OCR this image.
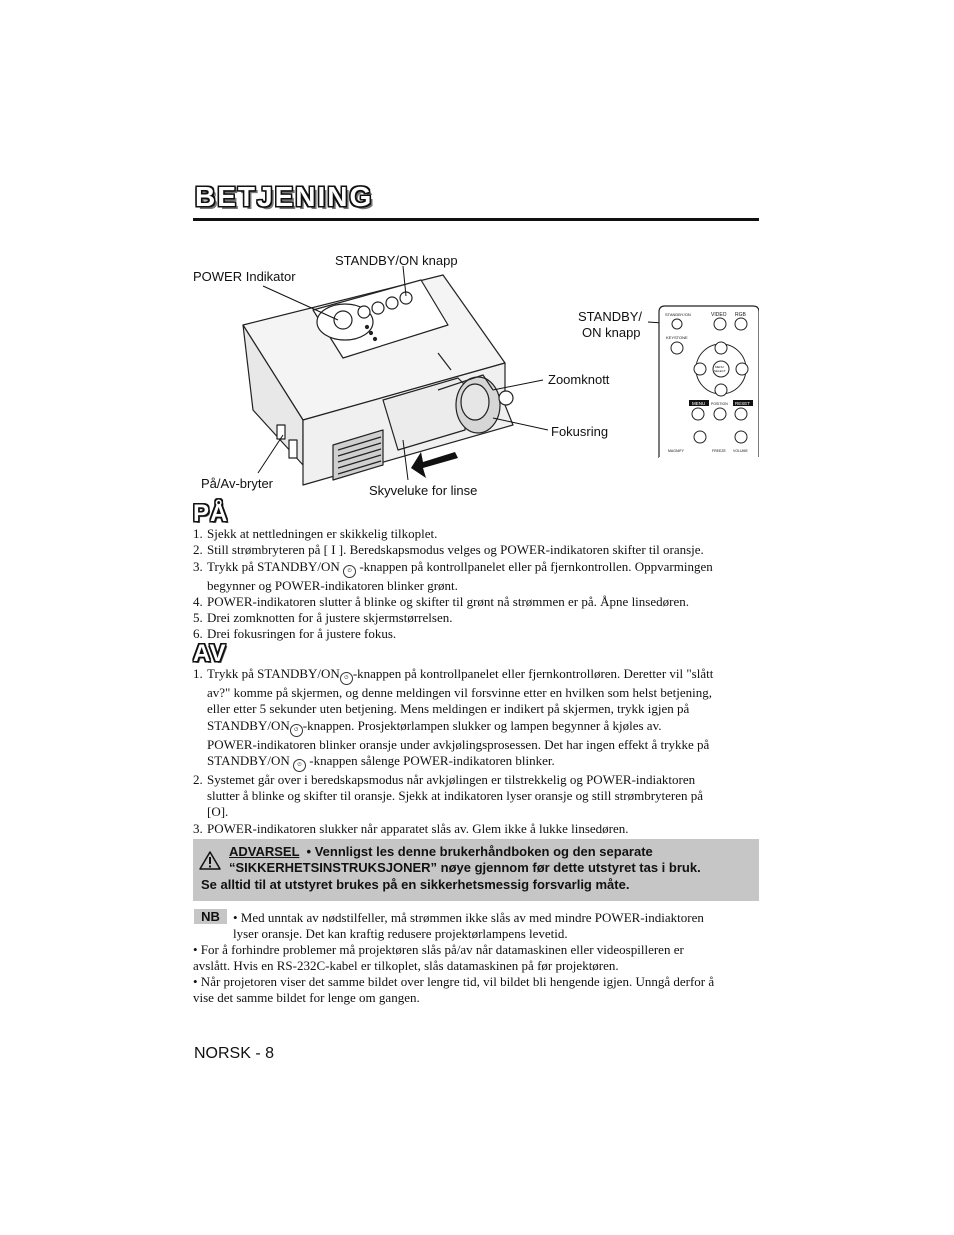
BETJENING
STANDBY/ON	VIDEO RGB
KEYSTONE
MENU
SELECT
MENU POSITION RESET
MAGNIFY	FREEZE VOLUME
STANDBY/ON knapp
POWER Indikator
STANDBY/
ON knapp
Zoomknott
Fokusring
På/Av-bryter	Skyveluke for linse
PÅ
1. Sjekk at nettledningen er skikkelig tilkoplet.
2. Still strømbryteren på [ I ]. Beredskapsmodus velges og POWER-indikatoren skifter til oransje.
3. Trykk på STANDBY/ON ⏻ -knappen på kontrollpanelet eller på fjernkontrollen. Oppvarmingen
begynner og POWER-indikatoren blinker grønt.
4. POWER-indikatoren slutter å blinke og skifter til grønt nå strømmen er på. Åpne linsedøren.
5. Drei zomknotten for å justere skjermstørrelsen.
6. Drei fokusringen for å justere fokus.
AV
1. Trykk på STANDBY/ON ⏻ -knappen på kontrollpanelet eller fjernkontrolløren. Deretter vil "slått
av?" komme på skjermen, og denne meldingen vil forsvinne etter en hvilken som helst betjening,
eller etter 5 sekunder uten betjening. Mens meldingen er indikert på skjermen, trykk igjen på
STANDBY/ON ⏻ -knappen. Prosjektørlampen slukker og lampen begynner å kjøles av.
POWER-indikatoren blinker oransje under avkjølingsprosessen. Det har ingen effekt å trykke på
STANDBY/ON ⏻ -knappen sålenge POWER-indikatoren blinker.
2. Systemet går over i beredskapsmodus når avkjølingen er tilstrekkelig og POWER-indiaktoren
slutter å blinke og skifter til oransje. Sjekk at indikatoren lyser oransje og still strømbryteren på
[O].
3. POWER-indikatoren slukker når apparatet slås av. Glem ikke å lukke linsedøren.
ADVARSEL  • Vennligst les denne brukerhåndboken og den separate
“SIKKERHETSINSTRUKSJONER” nøye gjennom før dette utstyret tas i bruk.
Se alltid til at utstyret brukes på en sikkerhetsmessig forsvarlig måte.
NB	• Med unntak av nødstilfeller, må strømmen ikke slås av med mindre POWER-indiaktoren
lyser oransje. Det kan kraftig redusere projektørlampens levetid.
• For å forhindre problemer må projektøren slås på/av når datamaskinen eller videospilleren er
avslått. Hvis en RS-232C-kabel er tilkoplet, slås datamaskinen på før projektøren.
• Når projetoren viser det samme bildet over lengre tid, vil bildet bli hengende igjen. Unngå derfor å
vise det samme bildet for lenge om gangen.
NORSK - 8
